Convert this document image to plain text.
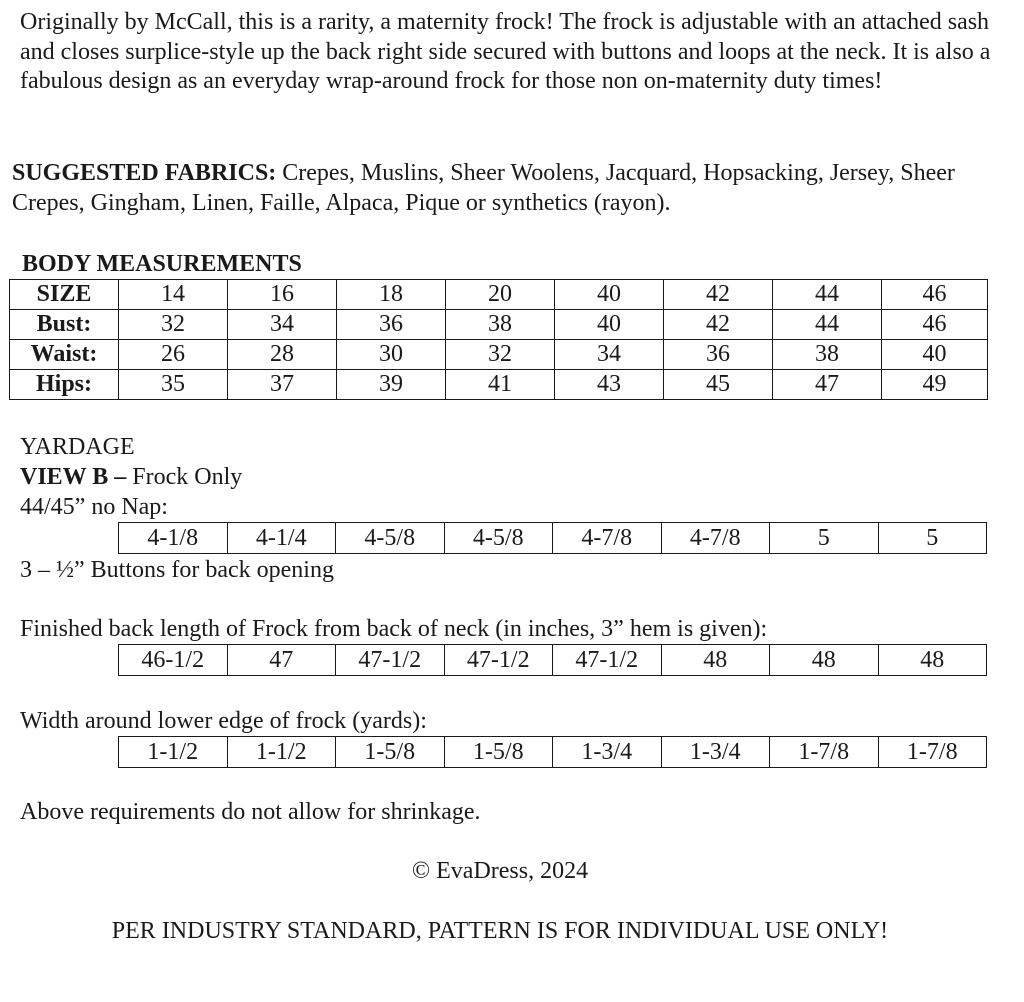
Originally by McCall, this is a rarity, a maternity frock! The frock is adjustable with an attached sash and closes surplice-style up the back right side secured with buttons and loops at the neck. It is also a fabulous design as an everyday wrap-around frock for those non on-maternity duty times!
SUGGESTED FABRICS: Crepes, Muslins, Sheer Woolens, Jacquard, Hopsacking, Jersey, Sheer Crepes, Gingham, Linen, Faille, Alpaca, Pique or synthetics (rayon).
BODY MEASUREMENTS
SIZE	14	16	18	20	40	42	44	46
Bust:	32	34	36	38	40	42	44	46
Waist:	26	28	30	32	34	36	38	40
Hips:	35	37	39	41	43	45	47	49
YARDAGE
VIEW B – Frock Only
44/45” no Nap:
4-1/8	4-1/4	4-5/8	4-5/8	4-7/8	4-7/8	5	5
3 – ½” Buttons for back opening
Finished back length of Frock from back of neck (in inches, 3” hem is given):
46-1/2	47	47-1/2	47-1/2	47-1/2	48	48	48
Width around lower edge of frock (yards):
1-1/2	1-1/2	1-5/8	1-5/8	1-3/4	1-3/4	1-7/8	1-7/8
Above requirements do not allow for shrinkage.
© EvaDress, 2024
PER INDUSTRY STANDARD, PATTERN IS FOR INDIVIDUAL USE ONLY!
